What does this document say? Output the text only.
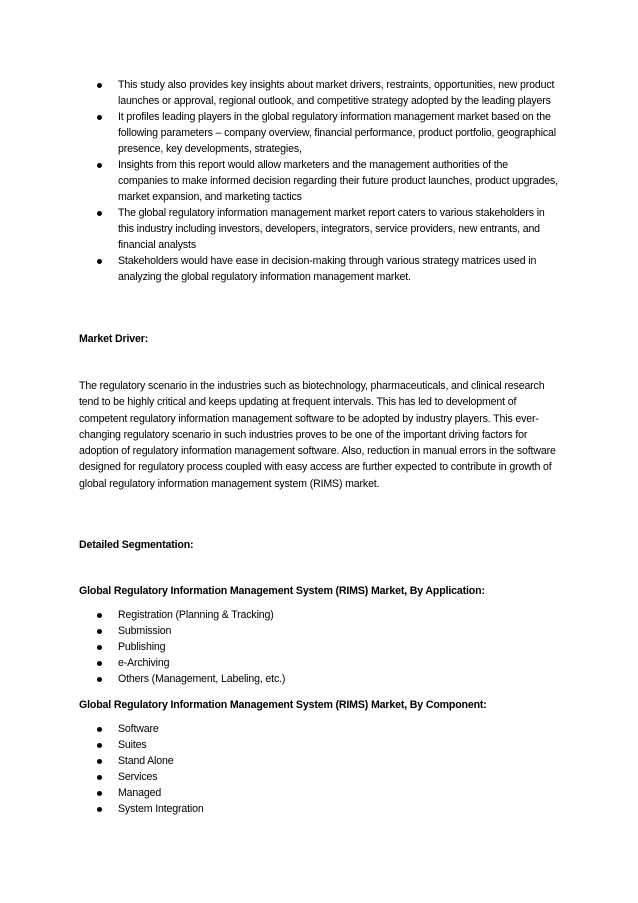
This study also provides key insights about market drivers, restraints, opportunities, new product launches or approval, regional outlook, and competitive strategy adopted by the leading players
It profiles leading players in the global regulatory information management market based on the following parameters – company overview, financial performance, product portfolio, geographical presence, key developments, strategies,
Insights from this report would allow marketers and the management authorities of the companies to make informed decision regarding their future product launches, product upgrades, market expansion, and marketing tactics
The global regulatory information management market report caters to various stakeholders in this industry including investors, developers, integrators, service providers, new entrants, and financial analysts
Stakeholders would have ease in decision-making through various strategy matrices used in analyzing the global regulatory information management market.
Market Driver:

The regulatory scenario in the industries such as biotechnology, pharmaceuticals, and clinical research tend to be highly critical and keeps updating at frequent intervals. This has led to development of competent regulatory information management software to be adopted by industry players. This ever-changing regulatory scenario in such industries proves to be one of the important driving factors for adoption of regulatory information management software. Also, reduction in manual errors in the software designed for regulatory process coupled with easy access are further expected to contribute in growth of global regulatory information management system (RIMS) market.

Detailed Segmentation:
Global Regulatory Information Management System (RIMS) Market, By Application:
Registration (Planning & Tracking)
Submission
Publishing
e-Archiving
Others (Management, Labeling, etc.)
Global Regulatory Information Management System (RIMS) Market, By Component:
Software
Suites
Stand Alone
Services
Managed
System Integration
